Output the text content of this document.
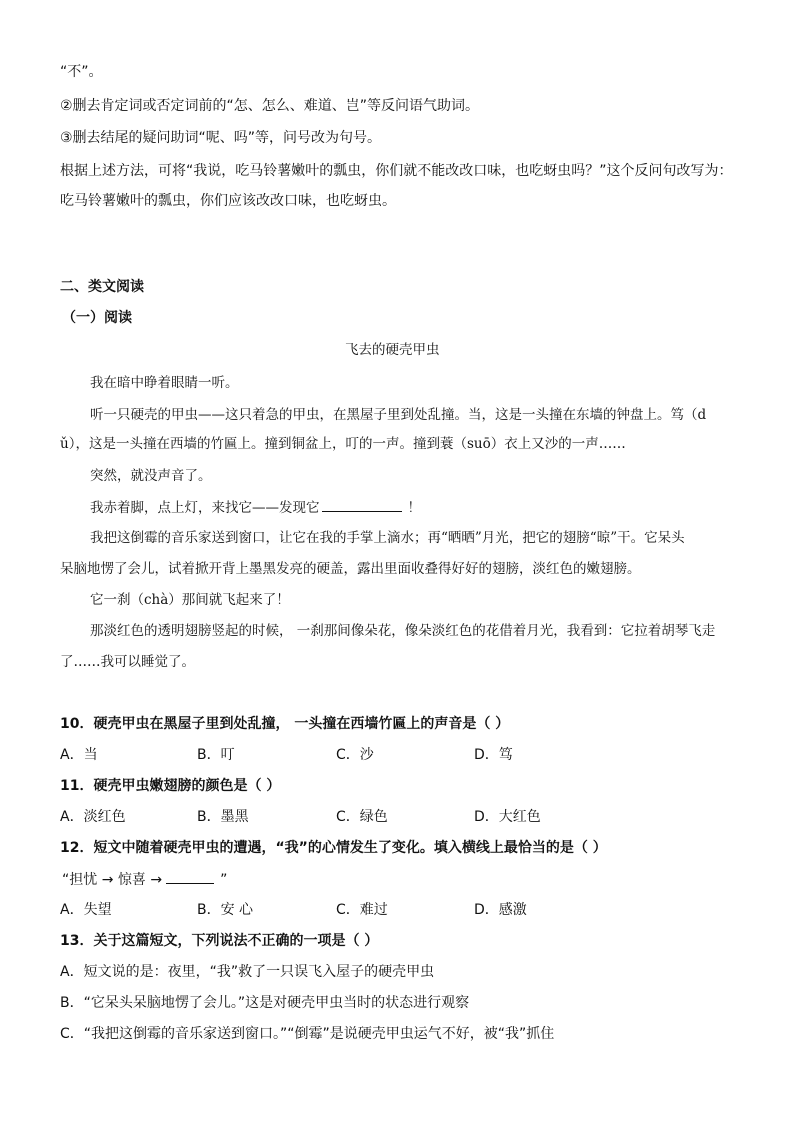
“不”。
②删去肯定词或否定词前的“怎、怎么、难道、岂”等反问语气助词。
③删去结尾的疑问助词“呢、吗”等，问号改为句号。
根据上述方法，可将“我说，吃马铃薯嫩叶的瓢虫，你们就不能改改口味，也吃蚜虫吗？”这个反问句改写为：
吃马铃薯嫩叶的瓢虫，你们应该改改口味，也吃蚜虫。
二、类文阅读
（一）阅读
飞去的硬壳甲虫
我在暗中睁着眼睛一听。
听一只硬壳的甲虫——这只着急的甲虫，在黑屋子里到处乱撞。当，这是一头撞在东墙的钟盘上。笃（d
ǔ），这是一头撞在西墙的竹匾上。撞到铜盆上，叮的一声。撞到蓑（suō）衣上又沙的一声……
突然，就没声音了。
我赤着脚，点上灯，来找它——发现它	！
我把这倒霉的音乐家送到窗口，让它在我的手掌上滴水；再“晒晒”月光，把它的翅膀“晾”干。它呆头
呆脑地愣了会儿，试着掀开背上墨黑发亮的硬盖，露出里面收叠得好好的翅膀，淡红色的嫩翅膀。
它一刹（chà）那间就飞起来了！
那淡红色的透明翅膀竖起的时候， 一刹那间像朵花，像朵淡红色的花借着月光，我看到：它拉着胡琴飞走
了……我可以睡觉了。
10．硬壳甲虫在黑屋子里到处乱撞， 一头撞在西墙竹匾上的声音是（ ）
A．当	B．叮	C．沙	D．笃
11．硬壳甲虫嫩翅膀的颜色是（ ）
A．淡红色	B．墨黑	C．绿色	D．大红色
12．短文中随着硬壳甲虫的遭遇，“我”的心情发生了变化。填入横线上最恰当的是（ ）
“担忧 → 惊喜 →	”
A．失望	B．安 心	C．难过	D．感激
13．关于这篇短文，下列说法不正确的一项是（ ）
A．短文说的是：夜里，“我”救了一只误飞入屋子的硬壳甲虫
B．“它呆头呆脑地愣了会儿。”这是对硬壳甲虫当时的状态进行观察
C．“我把这倒霉的音乐家送到窗口。”“倒霉”是说硬壳甲虫运气不好，被“我”抓住
